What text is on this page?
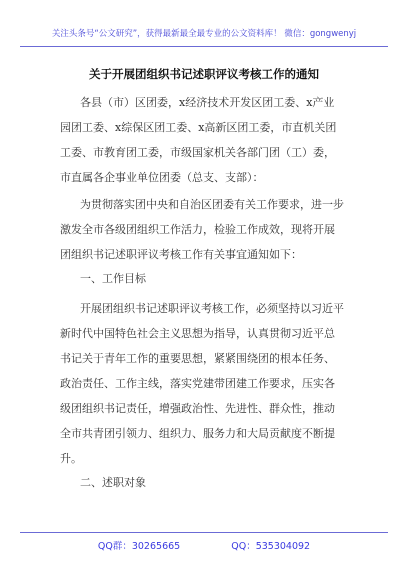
关注头条号“公文研究”，获得最新最全最专业的公文资料库！ 微信：gongwenyj
关于开展团组织书记述职评议考核工作的通知
各县（市）区团委，x经济技术开发区团工委、x产业
园团工委、x综保区团工委、x高新区团工委，市直机关团
工委、市教育团工委，市级国家机关各部门团（工）委，
市直属各企事业单位团委（总支、支部）：
为贯彻落实团中央和自治区团委有关工作要求，进一步
激发全市各级团组织工作活力，检验工作成效，现将开展
团组织书记述职评议考核工作有关事宜通知如下：
一、工作目标
开展团组织书记述职评议考核工作，必须坚持以习近平
新时代中国特色社会主义思想为指导，认真贯彻习近平总
书记关于青年工作的重要思想，紧紧围绕团的根本任务、
政治责任、工作主线，落实党建带团建工作要求，压实各
级团组织书记责任，增强政治性、先进性、群众性，推动
全市共青团引领力、组织力、服务力和大局贡献度不断提
升。
二、述职对象
QQ群：30265665	QQ：535304092
